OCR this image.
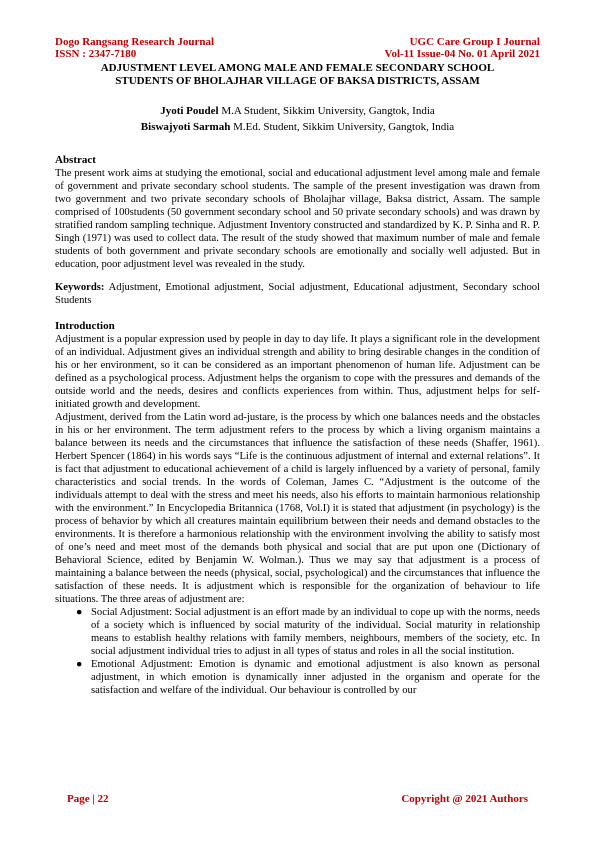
Dogo Rangsang Research Journal
ISSN : 2347-7180
UGC Care Group I Journal
Vol-11 Issue-04 No. 01 April 2021
ADJUSTMENT LEVEL AMONG MALE AND FEMALE SECONDARY SCHOOL
STUDENTS OF BHOLAJHAR VILLAGE OF BAKSA DISTRICTS, ASSAM
Jyoti Poudel M.A Student, Sikkim University, Gangtok, India
Biswajyoti Sarmah M.Ed. Student, Sikkim University, Gangtok, India
Abstract

The present work aims at studying the emotional, social and educational adjustment level among male and female of government and private secondary school students. The sample of the present investigation was drawn from two government and two private secondary schools of Bholajhar village, Baksa district, Assam. The sample comprised of 100students (50 government secondary school and 50 private secondary schools) and was drawn by stratified random sampling technique. Adjustment Inventory constructed and standardized by K. P. Sinha and R. P. Singh (1971) was used to collect data. The result of the study showed that maximum number of male and female students of both government and private secondary schools are emotionally and socially well adjusted. But in education, poor adjustment level was revealed in the study.

Keywords: Adjustment, Emotional adjustment, Social adjustment, Educational adjustment, Secondary school Students

Introduction

Adjustment is a popular expression used by people in day to day life. It plays a significant role in the development of an individual. Adjustment gives an individual strength and ability to bring desirable changes in the condition of his or her environment, so it can be considered as an important phenomenon of human life. Adjustment can be defined as a psychological process. Adjustment helps the organism to cope with the pressures and demands of the outside world and the needs, desires and conflicts experiences from within. Thus, adjustment helps for self-initiated growth and development.

Adjustment, derived from the Latin word ad-justare, is the process by which one balances needs and the obstacles in his or her environment. The term adjustment refers to the process by which a living organism maintains a balance between its needs and the circumstances that influence the satisfaction of these needs (Shaffer, 1961). Herbert Spencer (1864) in his words says “Life is the continuous adjustment of internal and external relations”. It is fact that adjustment to educational achievement of a child is largely influenced by a variety of personal, family characteristics and social trends. In the words of Coleman, James C. “Adjustment is the outcome of the individuals attempt to deal with the stress and meet his needs, also his efforts to maintain harmonious relationship with the environment.” In Encyclopedia Britannica (1768, Vol.I) it is stated that adjustment (in psychology) is the process of behavior by which all creatures maintain equilibrium between their needs and demand obstacles to the environments. It is therefore a harmonious relationship with the environment involving the ability to satisfy most of one’s need and meet most of the demands both physical and social that are put upon one (Dictionary of Behavioral Science, edited by Benjamin W. Wolman.). Thus we may say that adjustment is a process of maintaining a balance between the needs (physical, social, psychological) and the circumstances that influence the satisfaction of these needs. It is adjustment which is responsible for the organization of behaviour to life situations. The three areas of adjustment are:

● Social Adjustment: Social adjustment is an effort made by an individual to cope up with the norms, needs of a society which is influenced by social maturity of the individual. Social maturity in relationship means to establish healthy relations with family members, neighbours, members of the society, etc. In social adjustment individual tries to adjust in all types of status and roles in all the social institution.
● Emotional Adjustment: Emotion is dynamic and emotional adjustment is also known as personal adjustment, in which emotion is dynamically inner adjusted in the organism and operate for the satisfaction and welfare of the individual. Our behaviour is controlled by our
Page | 22	Copyright @ 2021 Authors
